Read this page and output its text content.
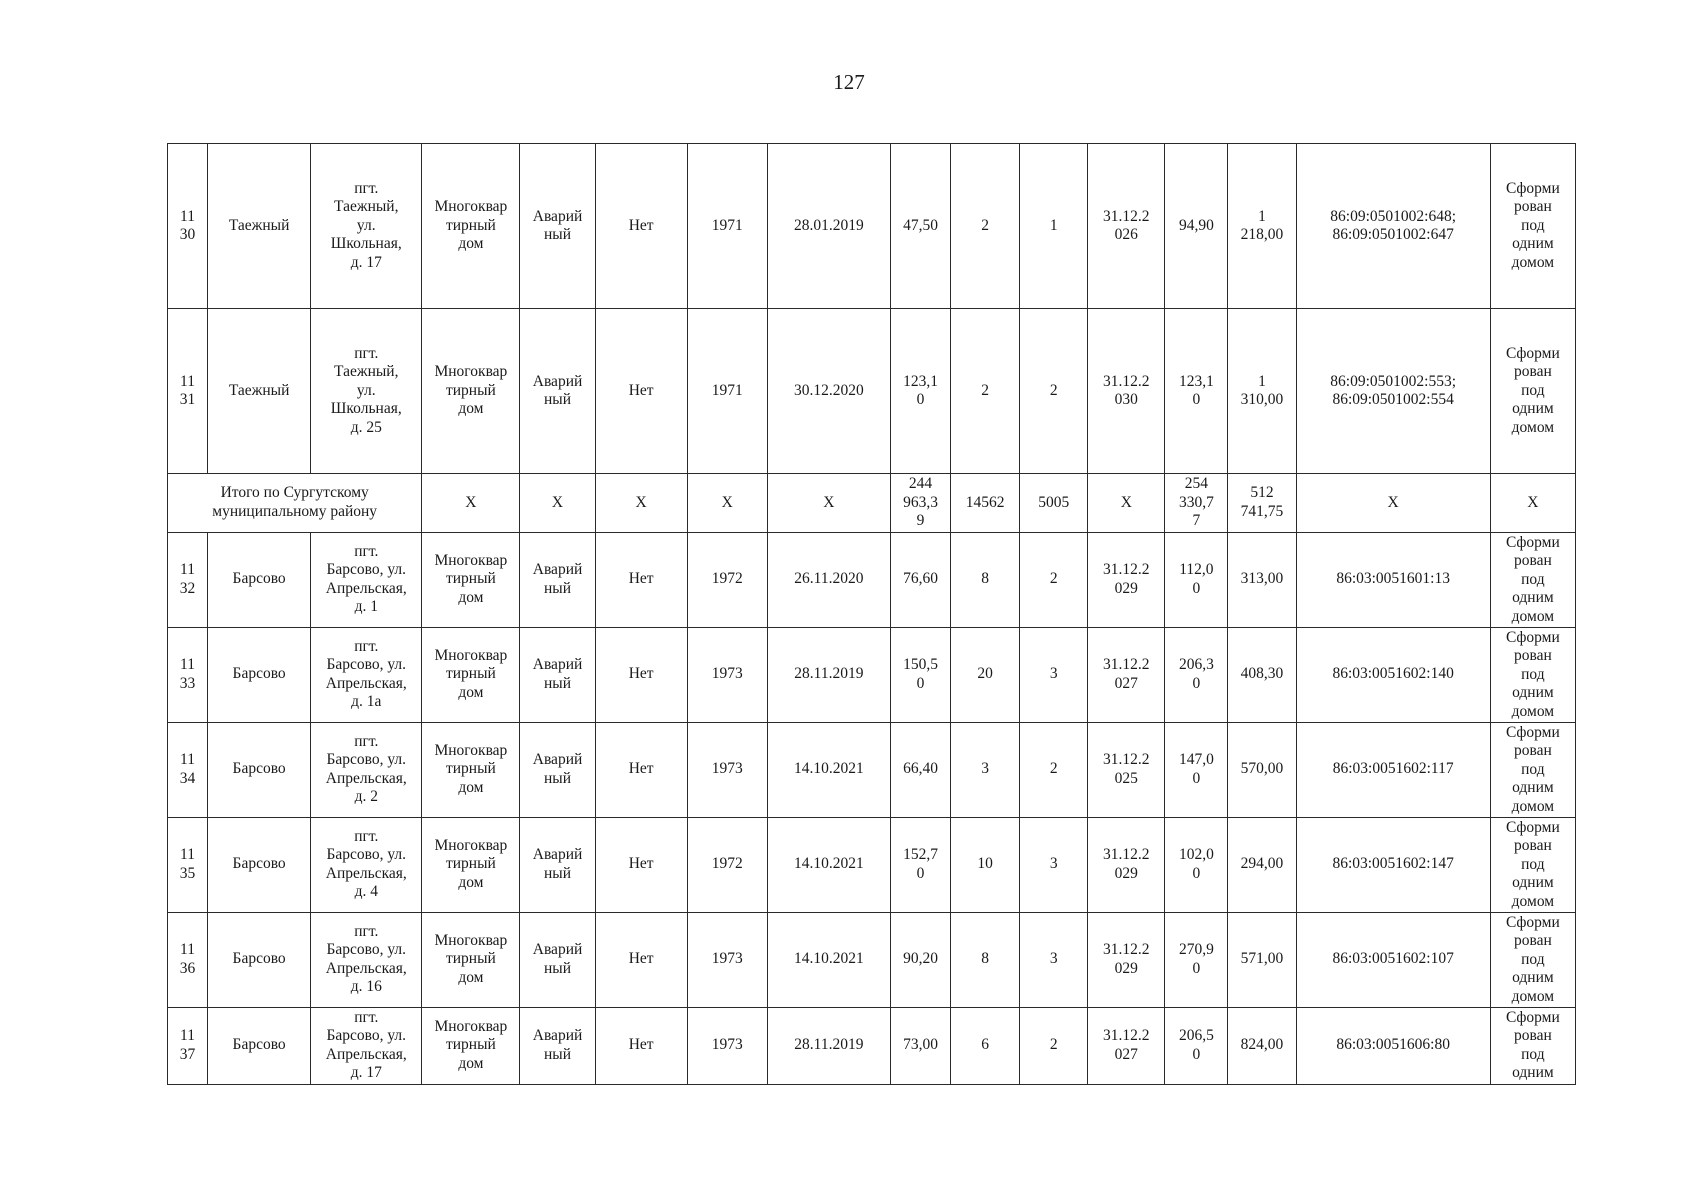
127
11
30	Таежный	пгт.
Таежный,
ул.
Школьная,
д. 17	Многоквар
тирный
дом	Аварий
ный	Нет	1971	28.01.2019	47,50	2	1	31.12.2
026	94,90	1
218,00	86:09:0501002:648;
86:09:0501002:647	Сформи
рован
под
одним
домом

11
31	Таежный	пгт.
Таежный,
ул.
Школьная,
д. 25	Многоквар
тирный
дом	Аварий
ный	Нет	1971	30.12.2020	123,1
0	2	2	31.12.2
030	123,1
0	1
310,00	86:09:0501002:553;
86:09:0501002:554	Сформи
рован
под
одним
домом

Итого по Сургутскому
муниципальному району			X	X	X	X	X	244
963,3
9	14562	5005	X	254
330,7
7	512
741,75	X	X

11
32	Барсово	пгт.
Барсово, ул.
Апрельская,
д. 1	Многоквар
тирный
дом	Аварий
ный	Нет	1972	26.11.2020	76,60	8	2	31.12.2
029	112,0
0	313,00	86:03:0051601:13	Сформи
рован
под
одним
домом

11
33	Барсово	пгт.
Барсово, ул.
Апрельская,
д. 1а	Многоквар
тирный
дом	Аварий
ный	Нет	1973	28.11.2019	150,5
0	20	3	31.12.2
027	206,3
0	408,30	86:03:0051602:140	Сформи
рован
под
одним
домом

11
34	Барсово	пгт.
Барсово, ул.
Апрельская,
д. 2	Многоквар
тирный
дом	Аварий
ный	Нет	1973	14.10.2021	66,40	3	2	31.12.2
025	147,0
0	570,00	86:03:0051602:117	Сформи
рован
под
одним
домом

11
35	Барсово	пгт.
Барсово, ул.
Апрельская,
д. 4	Многоквар
тирный
дом	Аварий
ный	Нет	1972	14.10.2021	152,7
0	10	3	31.12.2
029	102,0
0	294,00	86:03:0051602:147	Сформи
рован
под
одним
домом

11
36	Барсово	пгт.
Барсово, ул.
Апрельская,
д. 16	Многоквар
тирный
дом	Аварий
ный	Нет	1973	14.10.2021	90,20	8	3	31.12.2
029	270,9
0	571,00	86:03:0051602:107	Сформи
рован
под
одним
домом

11
37	Барсово	пгт.
Барсово, ул.
Апрельская,
д. 17	Многоквар
тирный
дом	Аварий
ный	Нет	1973	28.11.2019	73,00	6	2	31.12.2
027	206,5
0	824,00	86:03:0051606:80	Сформи
рован
под
одним
